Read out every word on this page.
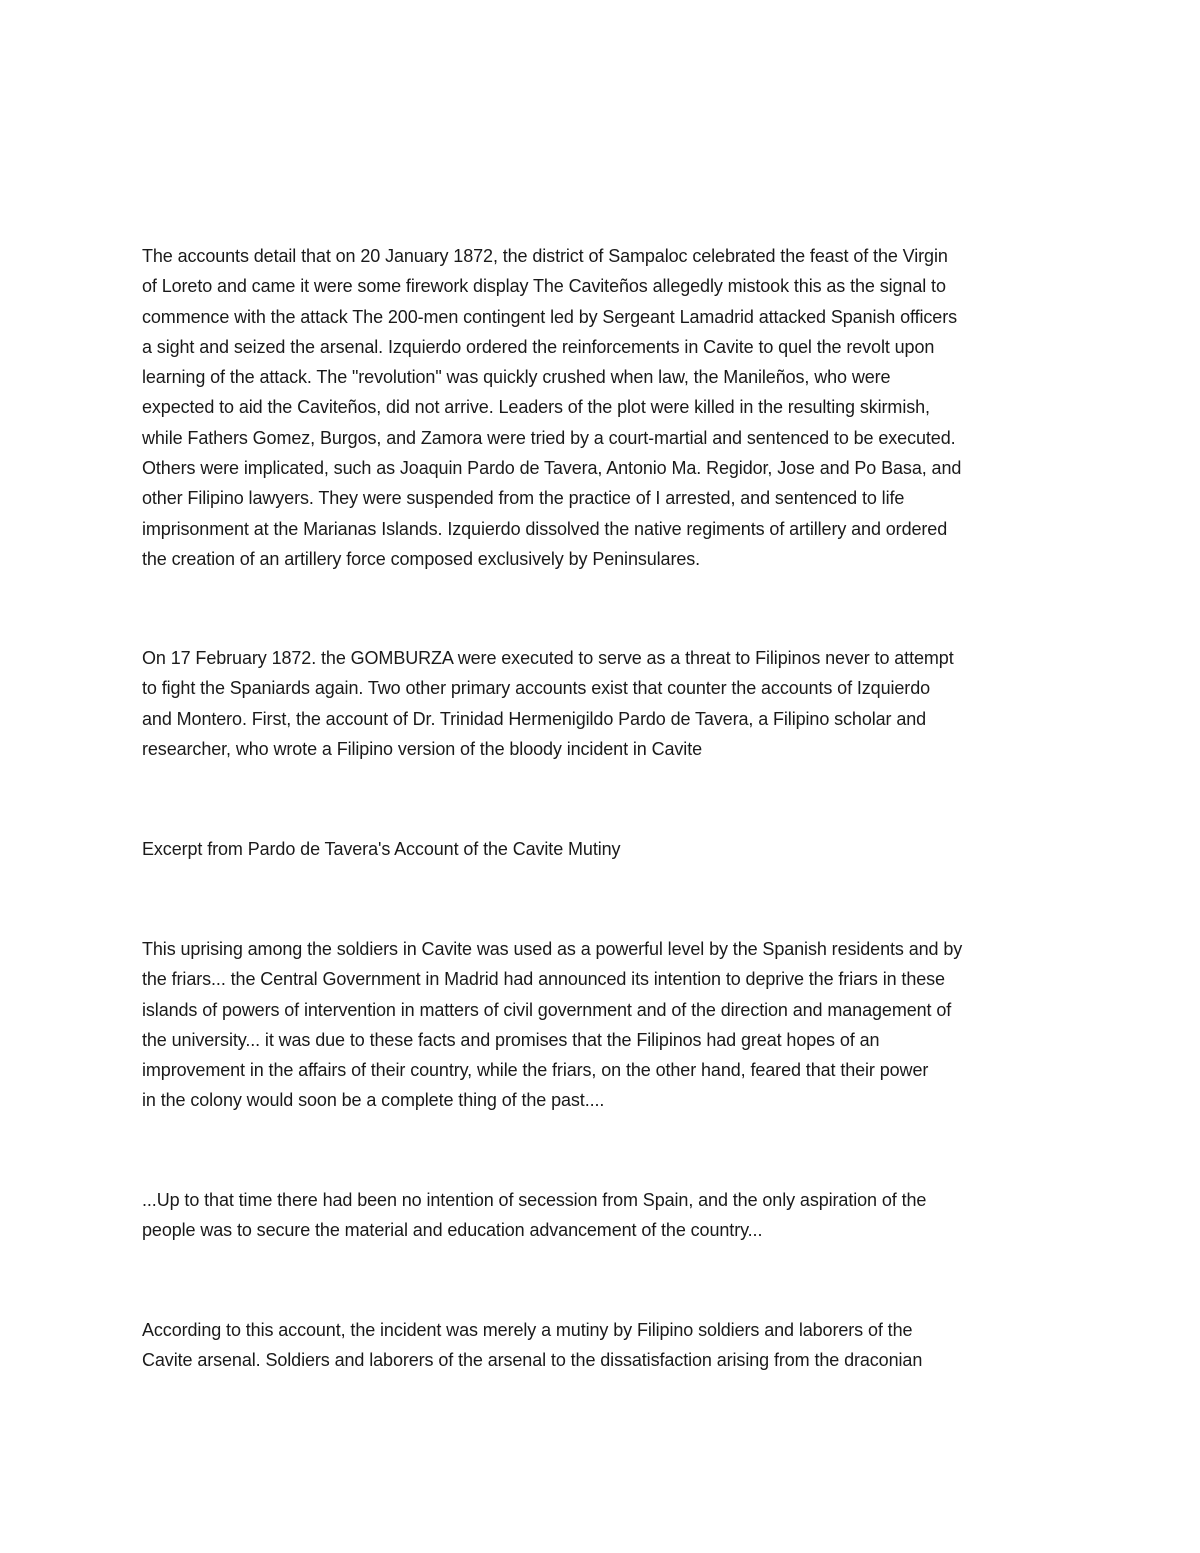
The accounts detail that on 20 January 1872, the district of Sampaloc celebrated the feast of the Virgin
of Loreto and came it were some firework display The Caviteños allegedly mistook this as the signal to
commence with the attack The 200-men contingent led by Sergeant Lamadrid attacked Spanish officers
a sight and seized the arsenal. Izquierdo ordered the reinforcements in Cavite to quel the revolt upon
learning of the attack. The "revolution" was quickly crushed when law, the Manileños, who were
expected to aid the Caviteños, did not arrive. Leaders of the plot were killed in the resulting skirmish,
while Fathers Gomez, Burgos, and Zamora were tried by a court-martial and sentenced to be executed.
Others were implicated, such as Joaquin Pardo de Tavera, Antonio Ma. Regidor, Jose and Po Basa, and
other Filipino lawyers. They were suspended from the practice of I arrested, and sentenced to life
imprisonment at the Marianas Islands. Izquierdo dissolved the native regiments of artillery and ordered
the creation of an artillery force composed exclusively by Peninsulares.

On 17 February 1872. the GOMBURZA were executed to serve as a threat to Filipinos never to attempt
to fight the Spaniards again. Two other primary accounts exist that counter the accounts of Izquierdo
and Montero. First, the account of Dr. Trinidad Hermenigildo Pardo de Tavera, a Filipino scholar and
researcher, who wrote a Filipino version of the bloody incident in Cavite

Excerpt from Pardo de Tavera's Account of the Cavite Mutiny

This uprising among the soldiers in Cavite was used as a powerful level by the Spanish residents and by
the friars... the Central Government in Madrid had announced its intention to deprive the friars in these
islands of powers of intervention in matters of civil government and of the direction and management of
the university... it was due to these facts and promises that the Filipinos had great hopes of an
improvement in the affairs of their country, while the friars, on the other hand, feared that their power
in the colony would soon be a complete thing of the past....

...Up to that time there had been no intention of secession from Spain, and the only aspiration of the
people was to secure the material and education advancement of the country...

According to this account, the incident was merely a mutiny by Filipino soldiers and laborers of the
Cavite arsenal. Soldiers and laborers of the arsenal to the dissatisfaction arising from the draconian
